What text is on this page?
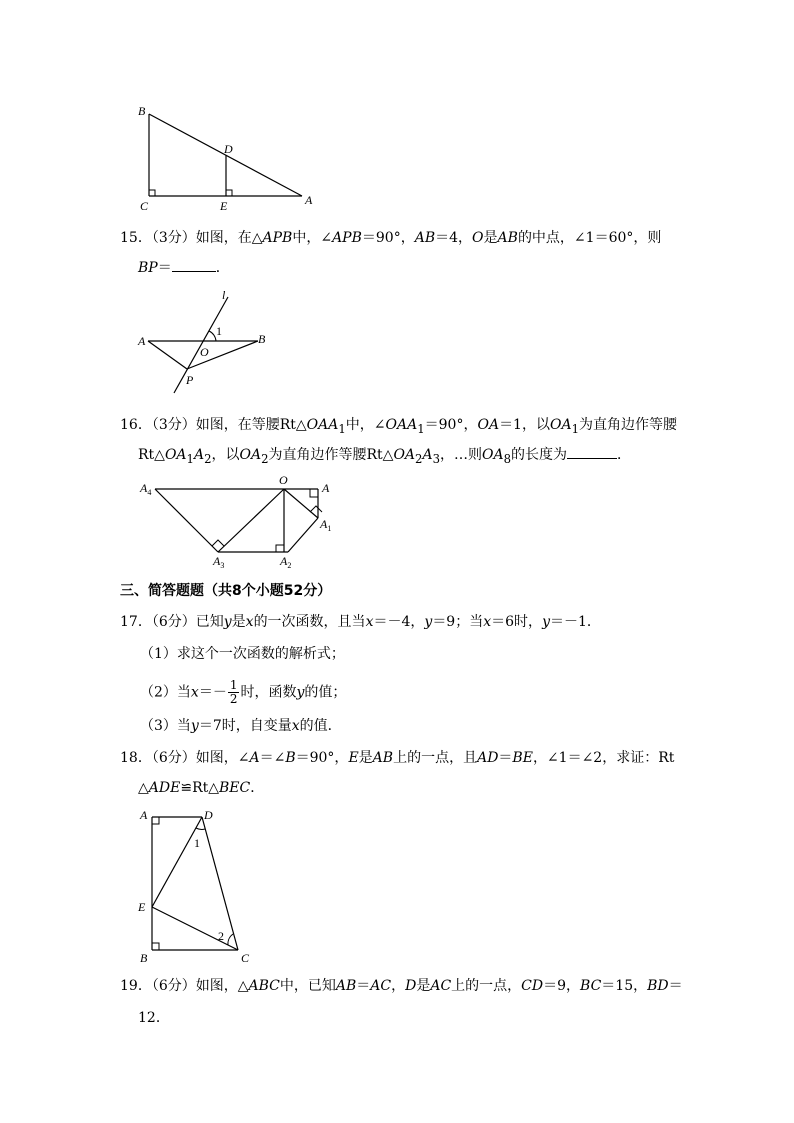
B
D
C	E	A
15．（3分）如图，在△APB中，∠APB＝90°，AB＝4，O是AB的中点，∠1＝60°，则
BP＝	．
l
1
A
O
B
P
16．（3分）如图，在等腰$Rt\triangle OAA_1$中，$\angle OAA_1=90^\circ$，OA＝1，以$OA_1$为直角边作等腰
$Rt\triangle OA_1A_2$，以$OA_2$为直角边作等腰$Rt\triangle OA_2A_3$，…则$OA_8$的长度为	．
$A_4$
O
A
$A_1$
$A_3$	$A_2$
三、简答题题（共8个小题52分）
17．（6分）已知y是x的一次函数，且当x＝－4，y＝9；当x＝6时，y＝－1．
（1）求这个一次函数的解析式；
（2）当$x=- \frac{1}{2}$ 时，函数y的值；
（3）当y＝7时，自变量x的值．
18．（6分）如图，∠A＝∠B＝90°，E是AB上的一点，且AD＝BE，∠1＝∠2，求证：Rt
△ADE≌Rt△BEC．
A	D
1
E
2
B	C
19．（6分）如图，△ABC中，已知AB＝AC，D是AC上的一点，CD＝9，BC＝15，BD＝
12．
